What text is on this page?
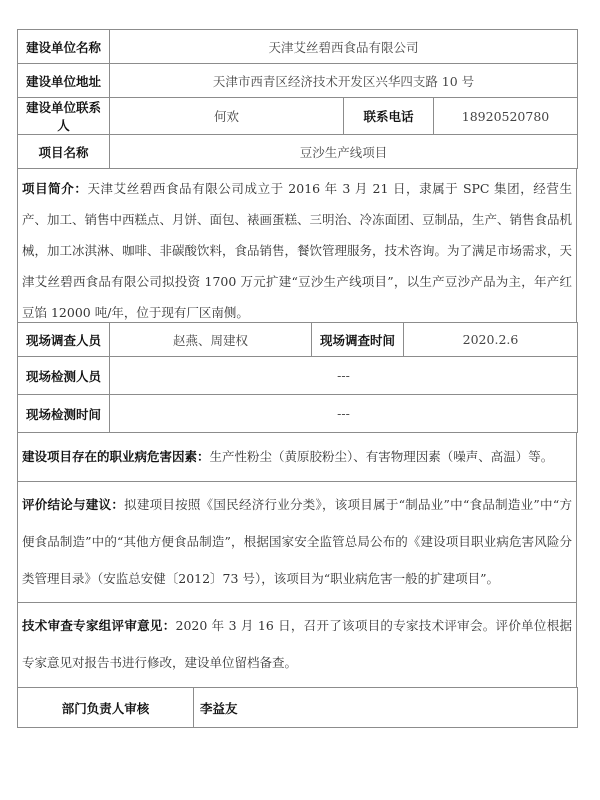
建设单位名称	天津艾丝碧西食品有限公司		
建设单位地址	天津市西青区经济技术开发区兴华四支路 10 号		
建设单位联系人	何欢	联系电话	18920520780
项目名称	豆沙生产线项目		
项目简介：天津艾丝碧西食品有限公司成立于 2016 年 3 月 21 日，隶属于 SPC 集团，经营生产、加工、销售中西糕点、月饼、面包、裱画蛋糕、三明治、冷冻面团、豆制品，生产、销售食品机械，加工冰淇淋、咖啡、非碳酸饮料，食品销售，餐饮管理服务，技术咨询。为了满足市场需求，天津艾丝碧西食品有限公司拟投资 1700 万元扩建“豆沙生产线项目”，以生产豆沙产品为主，年产红豆馅 12000 吨/年，位于现有厂区南侧。
现场调查人员	赵燕、周建权	现场调查时间	2020.2.6
现场检测人员	---		
现场检测时间	---		
建设项目存在的职业病危害因素：生产性粉尘（黄原胶粉尘）、有害物理因素（噪声、高温）等。
评价结论与建议：拟建项目按照《国民经济行业分类》，该项目属于“制品业”中“食品制造业”中“方便食品制造”中的“其他方便食品制造”，根据国家安全监管总局公布的《建设项目职业病危害风险分类管理目录》（安监总安健〔2012〕73 号），该项目为“职业病危害一般的扩建项目”。
技术审查专家组评审意见：2020 年 3 月 16 日，召开了该项目的专家技术评审会。评价单位根据专家意见对报告书进行修改，建设单位留档备查。
部门负责人审核	李益友
